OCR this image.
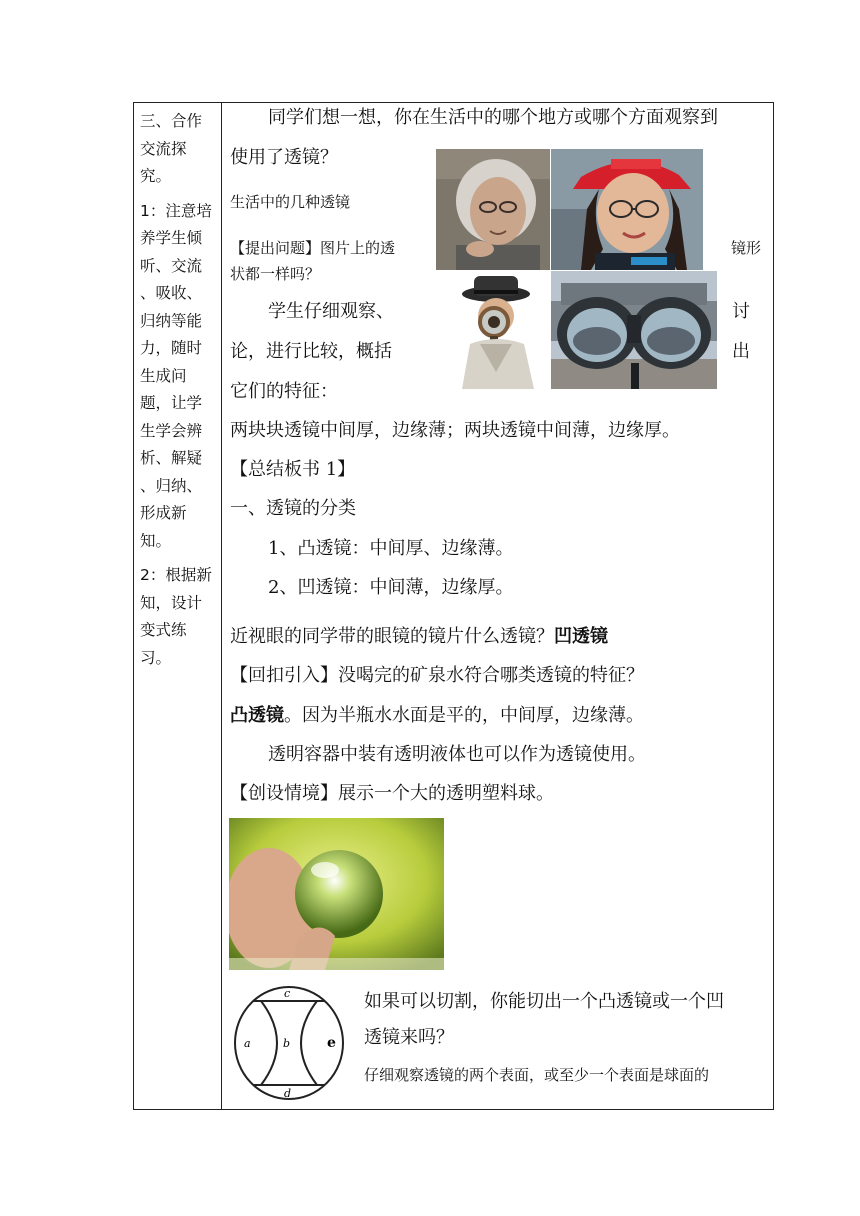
三、合作

交流探

究。

1：注意培

养学生倾

听、交流

、吸收、

归纳等能

力，随时

生成问

题，让学

生学会辨

析、解疑

、归纳、

形成新

知。

2：根据新

知，设计

变式练

习。

同学们想一想，你在生活中的哪个地方或哪个方面观察到
使用了透镜？
生活中的几种透镜
【提出问题】图片上的透	镜形
状都一样吗？
学生仔细观察、	讨
论，进行比较，概括	出
它们的特征：
两块块透镜中间厚，边缘薄；两块透镜中间薄，边缘厚。
【总结板书 1】
一、透镜的分类
1、凸透镜：中间厚、边缘薄。
2、凹透镜：中间薄，边缘厚。
近视眼的同学带的眼镜的镜片什么透镜？凹透镜
【回扣引入】没喝完的矿泉水符合哪类透镜的特征？
凸透镜。因为半瓶水水面是平的，中间厚，边缘薄。
透明容器中装有透明液体也可以作为透镜使用。
【创设情境】展示一个大的透明塑料球。
如果可以切割，你能切出一个凸透镜或一个凹
透镜来吗？
仔细观察透镜的两个表面，或至少一个表面是球面的
c
a	b	e
d
